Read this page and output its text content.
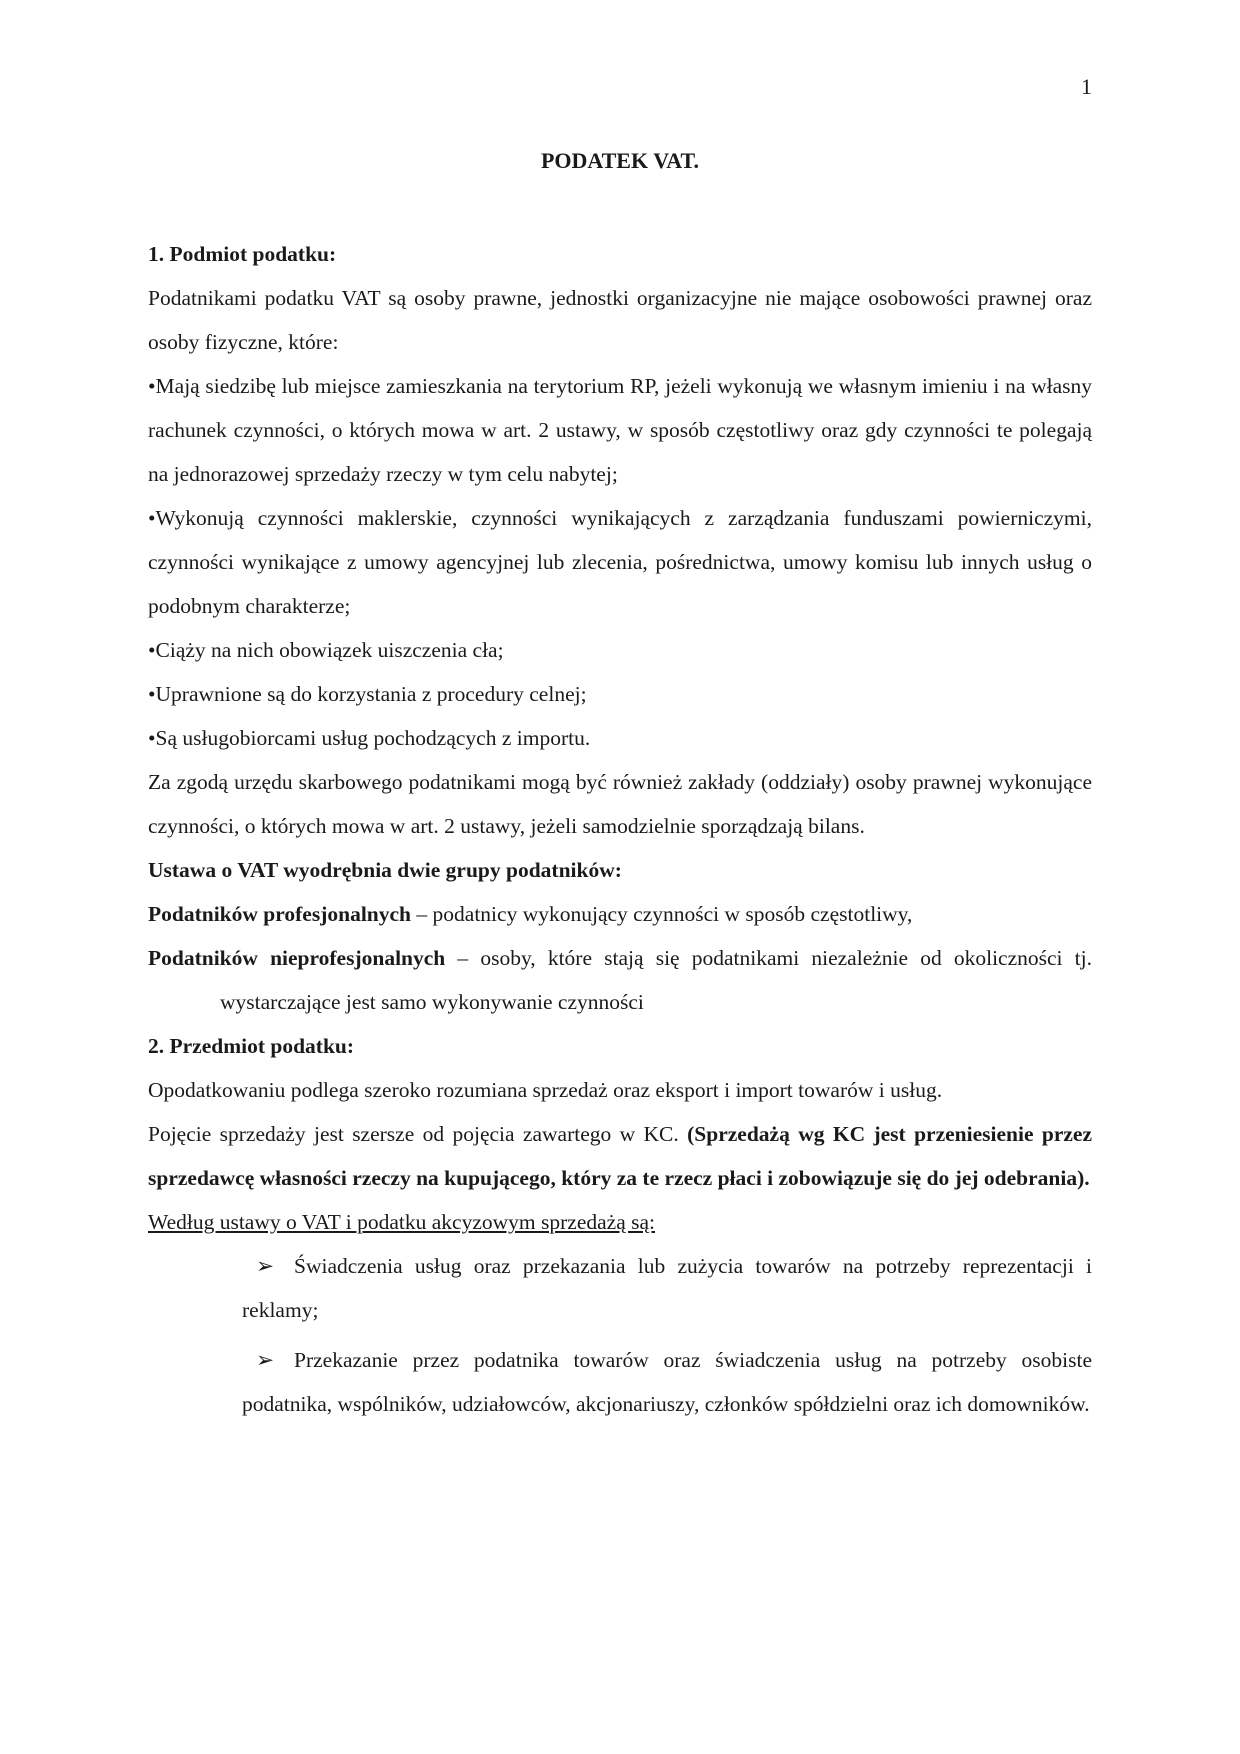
1
PODATEK VAT.

1. Podmiot podatku:

Podatnikami podatku VAT są osoby prawne, jednostki organizacyjne nie mające osobowości prawnej oraz osoby fizyczne, które:

•Mają siedzibę lub miejsce zamieszkania na terytorium RP, jeżeli wykonują we własnym imieniu i na własny rachunek czynności, o których mowa w art. 2 ustawy, w sposób częstotliwy oraz gdy czynności te polegają na jednorazowej sprzedaży rzeczy w tym celu nabytej;

•Wykonują czynności maklerskie, czynności wynikających z zarządzania funduszami powierniczymi, czynności wynikające z umowy agencyjnej lub zlecenia, pośrednictwa, umowy komisu lub innych usług o podobnym charakterze;

•Ciąży na nich obowiązek uiszczenia cła;

•Uprawnione są do korzystania z procedury celnej;

•Są usługobiorcami usług pochodzących z importu.

Za zgodą urzędu skarbowego podatnikami mogą być również zakłady (oddziały) osoby prawnej wykonujące czynności, o których mowa w art. 2 ustawy, jeżeli samodzielnie sporządzają bilans.

Ustawa o VAT wyodrębnia dwie grupy podatników:

Podatników profesjonalnych – podatnicy wykonujący czynności w sposób częstotliwy,

Podatników nieprofesjonalnych – osoby, które stają się podatnikami niezależnie od okoliczności tj. wystarczające jest samo wykonywanie czynności

2. Przedmiot podatku:

Opodatkowaniu podlega szeroko rozumiana sprzedaż oraz eksport i import towarów i usług.

Pojęcie sprzedaży jest szersze od pojęcia zawartego w KC. (Sprzedażą wg KC jest przeniesienie przez sprzedawcę własności rzeczy na kupującego, który za te rzecz płaci i zobowiązuje się do jej odebrania).

Według ustawy o VAT i podatku akcyzowym sprzedażą są:

➢ Świadczenia usług oraz przekazania lub zużycia towarów na potrzeby reprezentacji i reklamy;

➢ Przekazanie przez podatnika towarów oraz świadczenia usług na potrzeby osobiste podatnika, wspólników, udziałowców, akcjonariuszy, członków spółdzielni oraz ich domowników.
